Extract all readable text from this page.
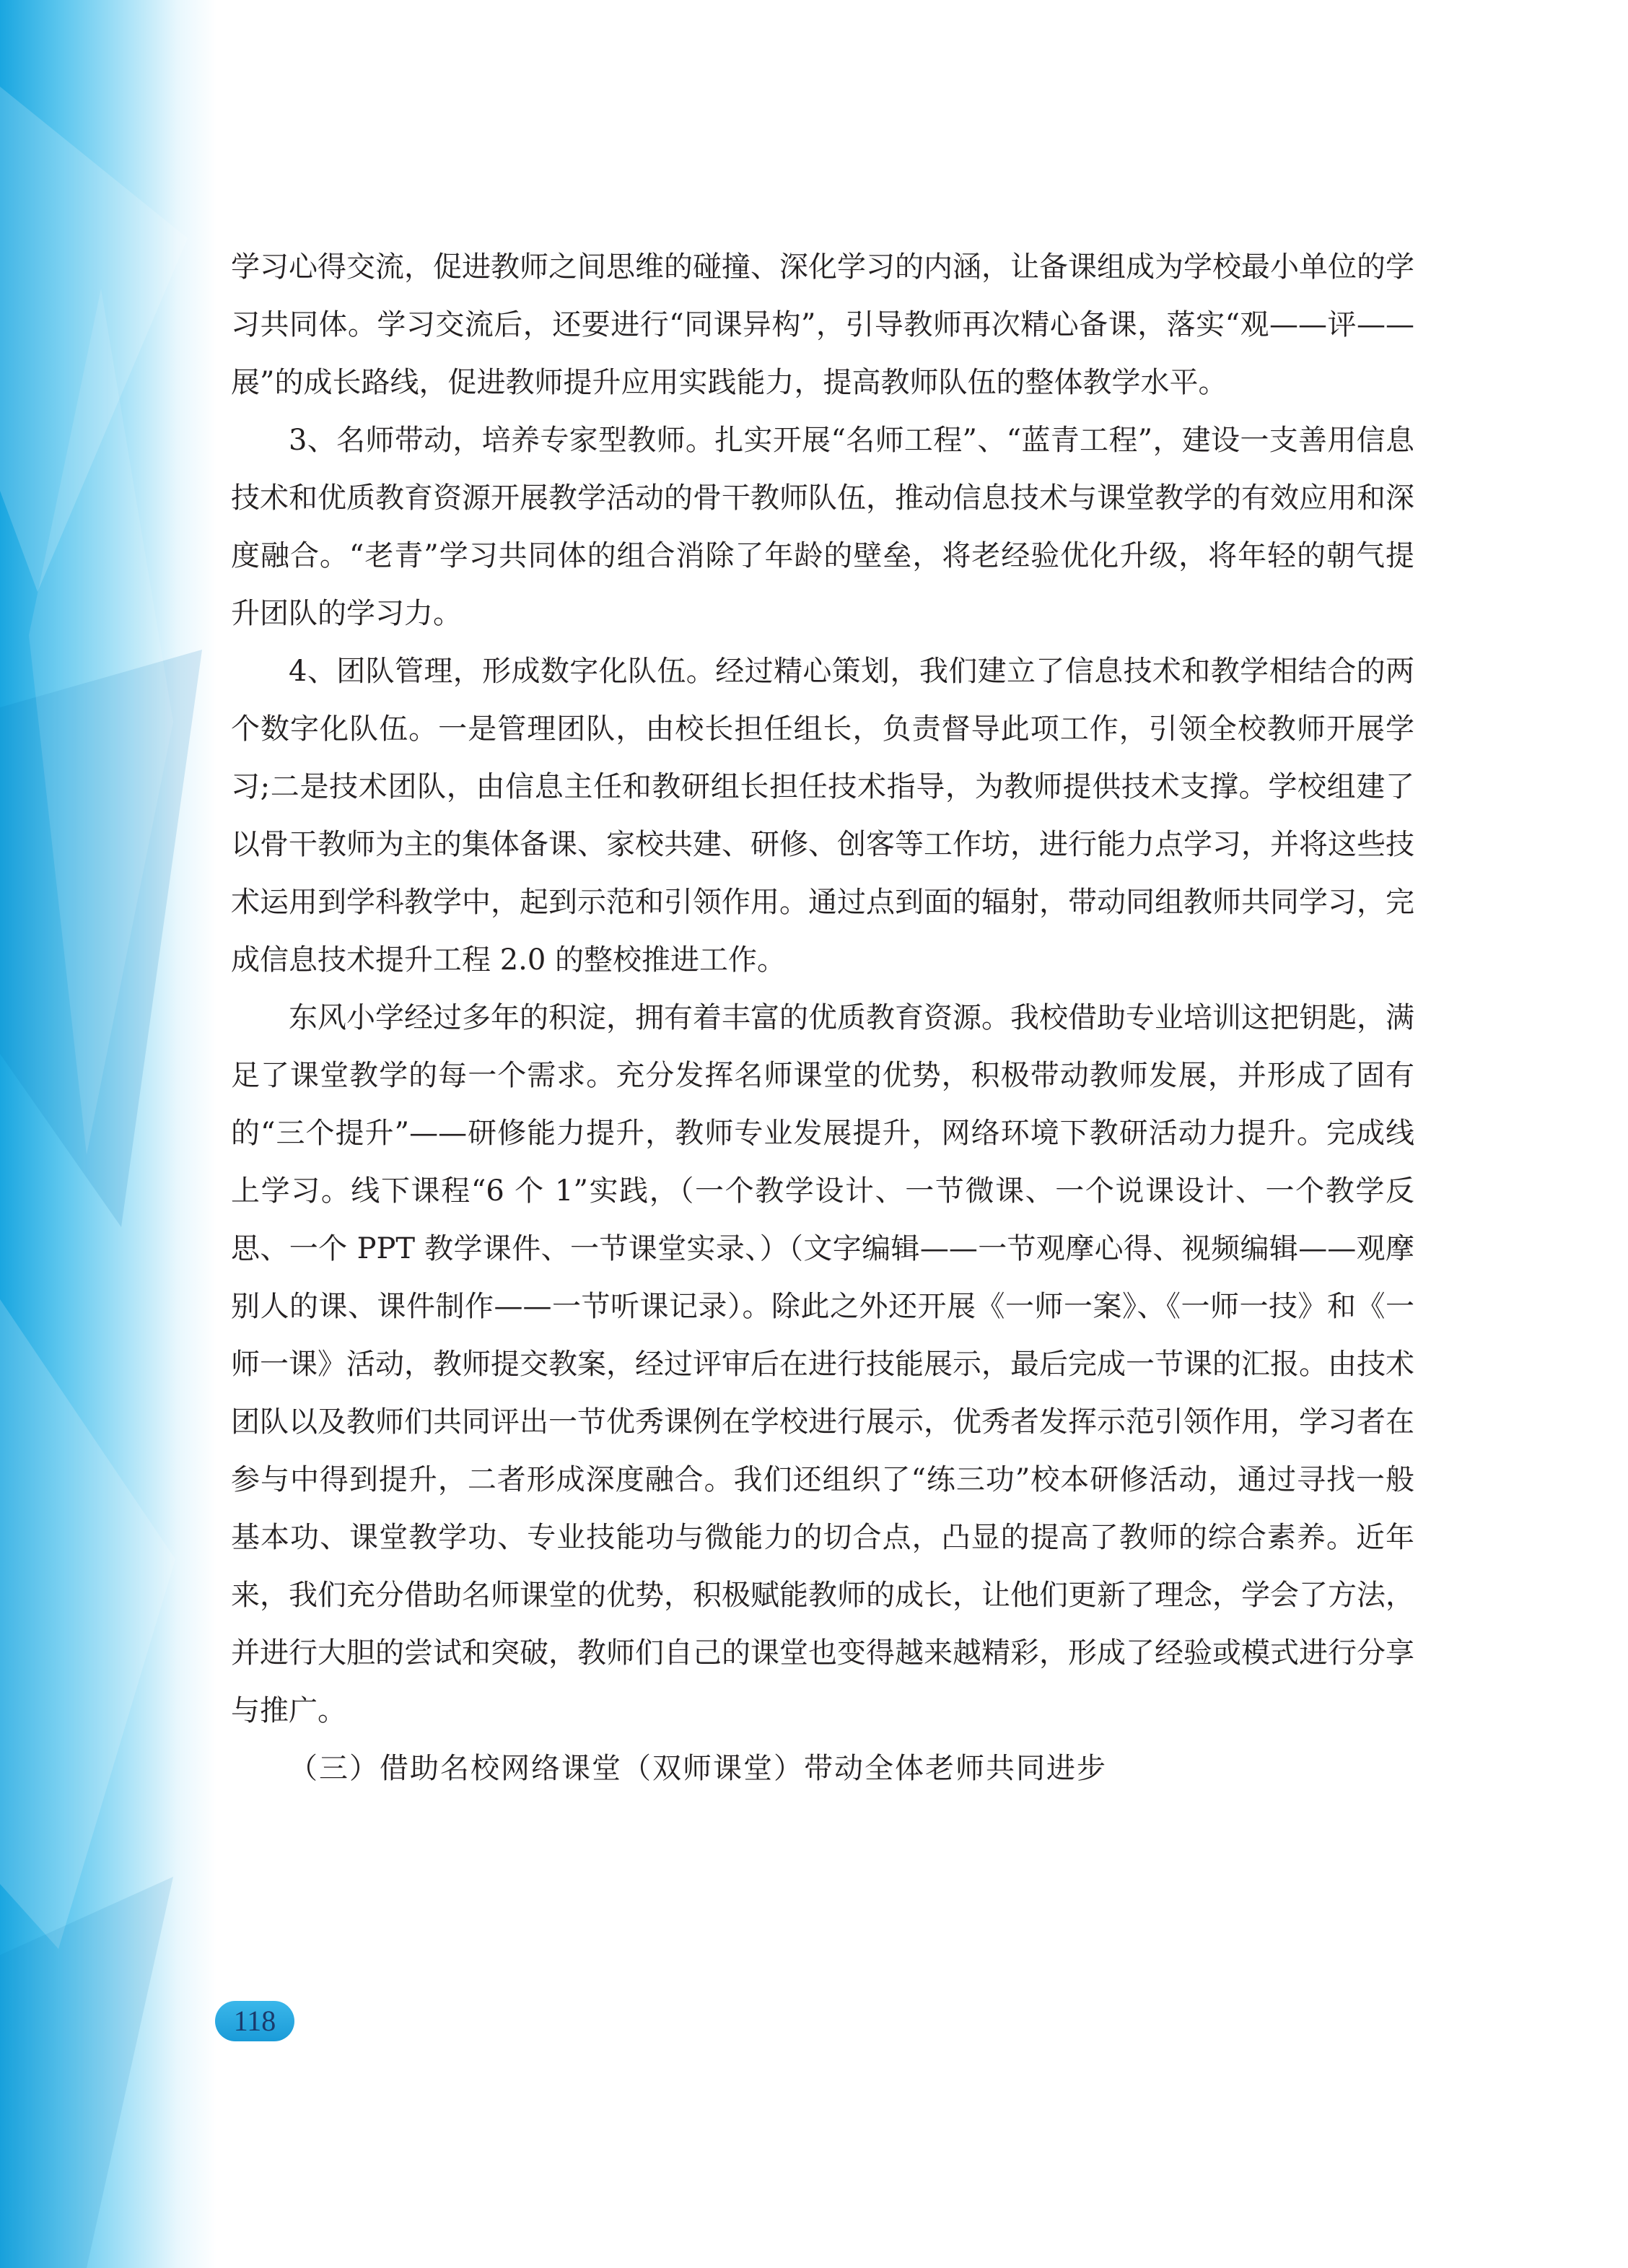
学习心得交流，促进教师之间思维的碰撞、深化学习的内涵，让备课组成为学校最小单位的学习共同体。学习交流后，还要进行“同课异构”，引导教师再次精心备课，落实“观——评——展”的成长路线，促进教师提升应用实践能力，提高教师队伍的整体教学水平。

3、名师带动，培养专家型教师。扎实开展“名师工程”、“蓝青工程”，建设一支善用信息技术和优质教育资源开展教学活动的骨干教师队伍，推动信息技术与课堂教学的有效应用和深度融合。“老青”学习共同体的组合消除了年龄的壁垒，将老经验优化升级，将年轻的朝气提升团队的学习力。

4、团队管理，形成数字化队伍。经过精心策划，我们建立了信息技术和教学相结合的两个数字化队伍。一是管理团队，由校长担任组长，负责督导此项工作，引领全校教师开展学习;二是技术团队，由信息主任和教研组长担任技术指导，为教师提供技术支撑。学校组建了以骨干教师为主的集体备课、家校共建、研修、创客等工作坊，进行能力点学习，并将这些技术运用到学科教学中，起到示范和引领作用。通过点到面的辐射，带动同组教师共同学习，完成信息技术提升工程 2.0 的整校推进工作。

东风小学经过多年的积淀，拥有着丰富的优质教育资源。我校借助专业培训这把钥匙，满足了课堂教学的每一个需求。充分发挥名师课堂的优势，积极带动教师发展，并形成了固有的“三个提升”——研修能力提升，教师专业发展提升，网络环境下教研活动力提升。完成线上学习。线下课程“6 个 1”实践，（一个教学设计、一节微课、一个说课设计、一个教学反思、一个 PPT 教学课件、一节课堂实录、）（文字编辑——一节观摩心得、视频编辑——观摩别人的课、课件制作——一节听课记录）。除此之外还开展《一师一案》、《一师一技》和《一师一课》活动，教师提交教案，经过评审后在进行技能展示，最后完成一节课的汇报。由技术团队以及教师们共同评出一节优秀课例在学校进行展示，优秀者发挥示范引领作用，学习者在参与中得到提升，二者形成深度融合。我们还组织了“练三功”校本研修活动，通过寻找一般基本功、课堂教学功、专业技能功与微能力的切合点，凸显的提高了教师的综合素养。近年来，我们充分借助名师课堂的优势，积极赋能教师的成长，让他们更新了理念，学会了方法，并进行大胆的尝试和突破，教师们自己的课堂也变得越来越精彩，形成了经验或模式进行分享与推广。

（三）借助名校网络课堂（双师课堂）带动全体老师共同进步

118
